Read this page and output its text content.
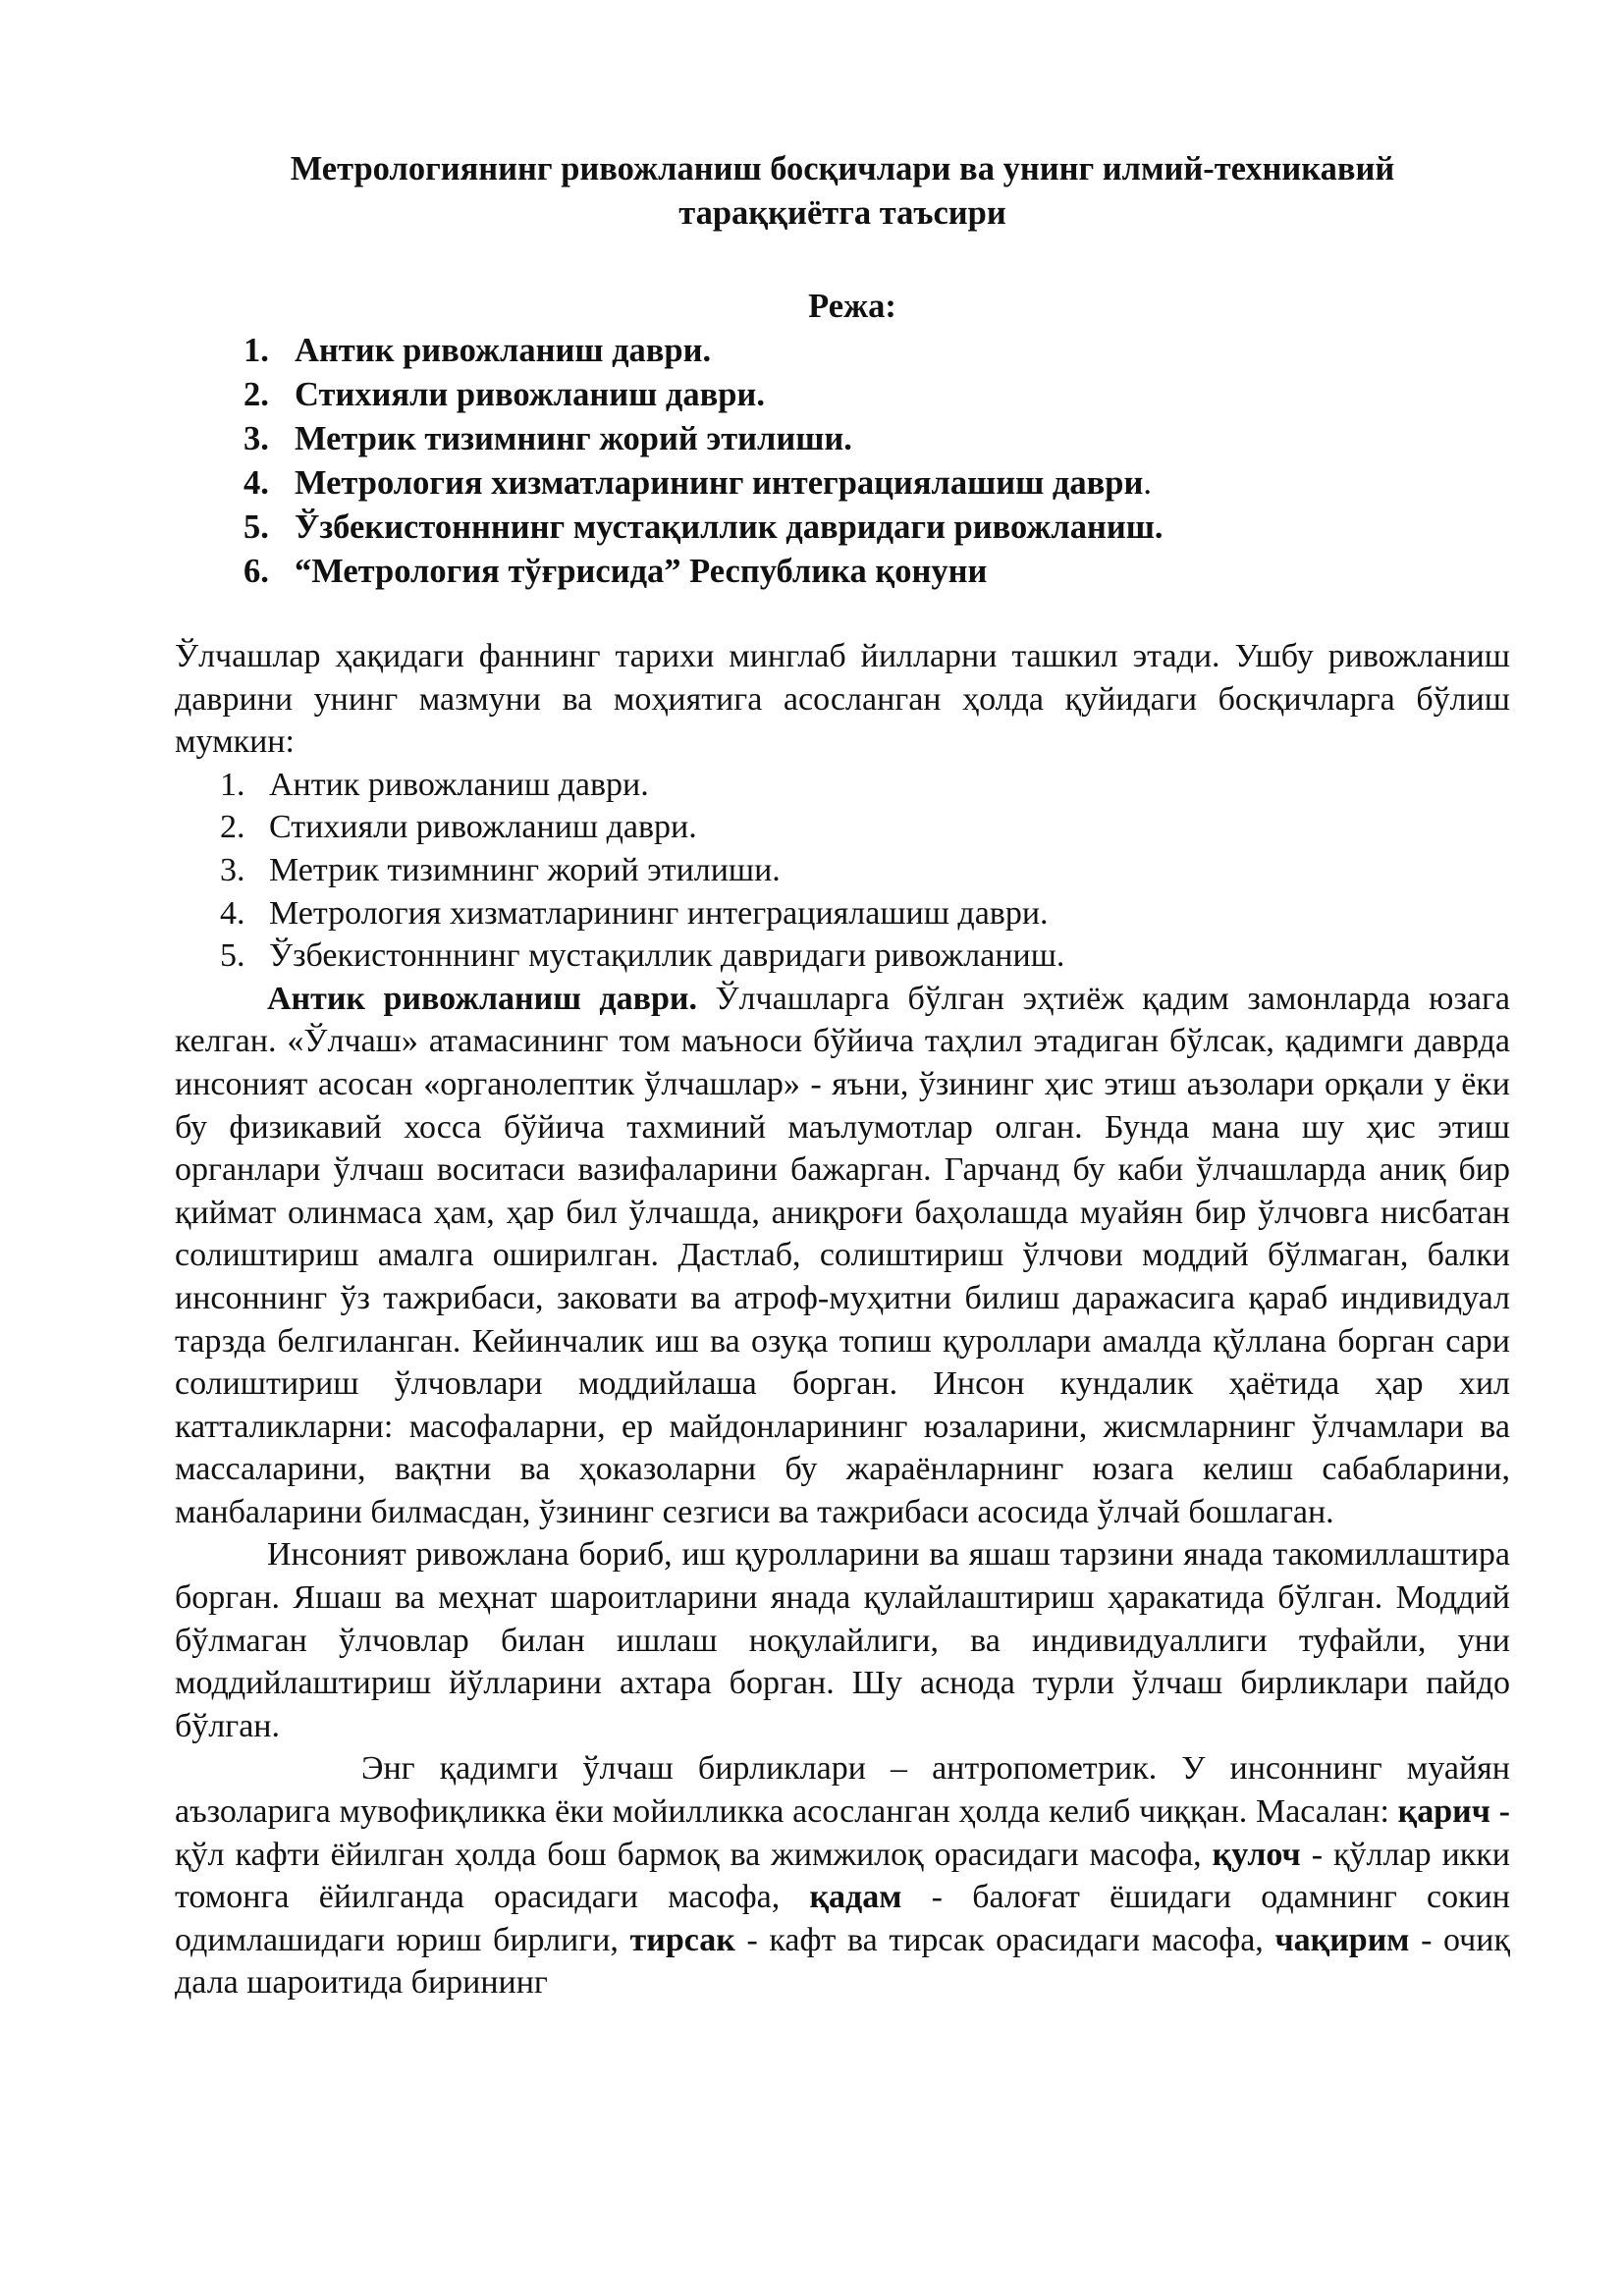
Метрологиянинг ривожланиш босқичлари ва унинг илмий-техникавий тараққиётга таъсири

Режа:

1. Антик ривожланиш даври.
2. Стихияли ривожланиш даври.
3. Метрик тизимнинг жорий этилиши.
4. Метрология хизматларининг интеграциялашиш даври.
5. Ўзбекистонннинг мустақиллик давридаги ривожланиш.
6. “Метрология тўғрисида” Республика қонуни

Ўлчашлар ҳақидаги фаннинг тарихи минглаб йилларни ташкил этади. Ушбу ривожланиш даврини унинг мазмуни ва моҳиятига асосланган ҳолда қуйидаги босқичларга бўлиш мумкин:

1. Антик ривожланиш даври.
2. Стихияли ривожланиш даври.
3. Метрик тизимнинг жорий этилиши.
4. Метрология хизматларининг интеграциялашиш даври.
5. Ўзбекистонннинг мустақиллик давридаги ривожланиш.

Антик ривожланиш даври. Ўлчашларга бўлган эҳтиёж қадим замонларда юзага келган. «Ўлчаш» атамасининг том маъноси бўйича таҳлил этадиган бўлсак, қадимги даврда инсоният асосан «органолептик ўлчашлар» - яъни, ўзининг ҳис этиш аъзолари орқали у ёки бу физикавий хосса бўйича тахминий маълумотлар олган. Бунда мана шу ҳис этиш органлари ўлчаш воситаси вазифаларини бажарган. Гарчанд бу каби ўлчашларда аниқ бир қиймат олинмаса ҳам, ҳар бил ўлчашда, аниқроғи баҳолашда муайян бир ўлчовга нисбатан солиштириш амалга оширилган. Дастлаб, солиштириш ўлчови моддий бўлмаган, балки инсоннинг ўз тажрибаси, заковати ва атроф-муҳитни билиш даражасига қараб индивидуал тарзда белгиланган. Кейинчалик иш ва озуқа топиш қуроллари амалда қўллана борган сари солиштириш ўлчовлари моддийлаша борган. Инсон кундалик ҳаётида ҳар хил катталикларни: масофаларни, ер майдонларининг юзаларини, жисмларнинг ўлчамлари ва массаларини, вақтни ва ҳоказоларни бу жараёнларнинг юзага келиш сабабларини, манбаларини билмасдан, ўзининг сезгиси ва тажрибаси асосида ўлчай бошлаган.

Инсоният ривожлана бориб, иш қуролларини ва яшаш тарзини янада такомиллаштира борган. Яшаш ва меҳнат шароитларини янада қулайлаштириш ҳаракатида бўлган. Моддий бўлмаган ўлчовлар билан ишлаш ноқулайлиги, ва индивидуаллиги туфайли, уни моддийлаштириш йўлларини ахтара борган. Шу аснода турли ўлчаш бирликлари пайдо бўлган.

Энг қадимги ўлчаш бирликлари – антропометрик. У инсоннинг муайян аъзоларига мувофиқликка ёки мойилликка асосланган ҳолда келиб чиққан. Масалан: қарич - қўл кафти ёйилган ҳолда бош бармоқ ва жимжилоқ орасидаги масофа, қулоч - қўллар икки томонга ёйилганда орасидаги масофа, қадам - балоғат ёшидаги одамнинг сокин одимлашидаги юриш бирлиги, тирсак - кафт ва тирсак орасидаги масофа, чақирим - очиқ дала шароитида бирининг
